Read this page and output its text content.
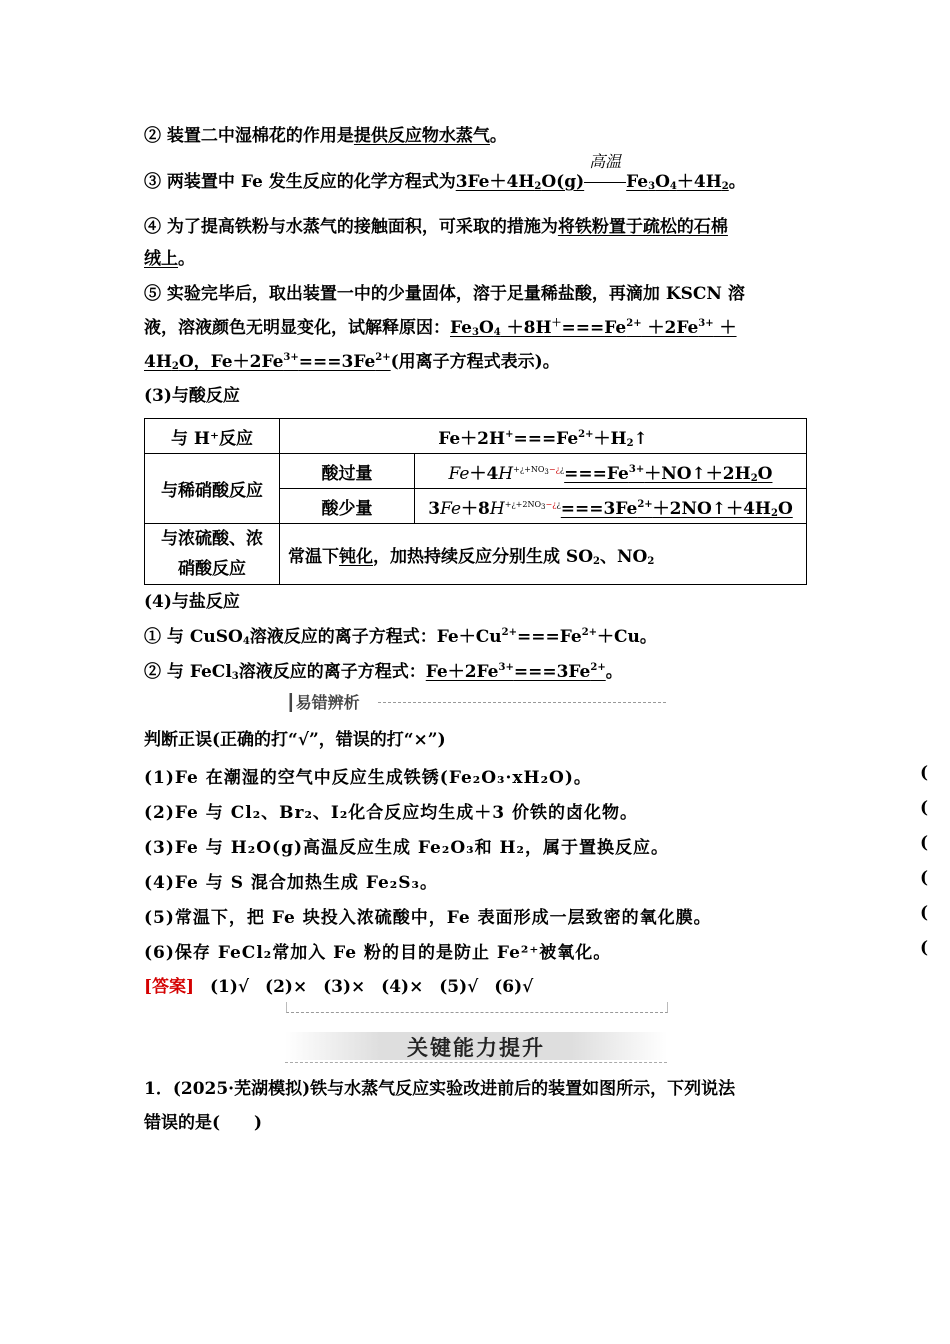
② 装置二中湿棉花的作用是提供反应物水蒸气。
③ 两装置中 Fe 发生反应的化学方程式为$3Fe+4H_2O(g)$
高温
$Fe_3O_4+4H_2$。
④ 为了提高铁粉与水蒸气的接触面积，可采取的措施为将铁粉置于疏松的石棉
绒上。
⑤ 实验完毕后，取出装置一中的少量固体，溶于足量稀盐酸，再滴加 KSCN 溶
液，溶液颜色无明显变化，试解释原因：$Fe_3O_4 +8H^+===Fe^{2+} +2Fe^{3+}$ ＋
$4H_2O$，$Fe+2Fe^{3+}===3Fe^{2+}$(用离子方程式表示)。
(3)与酸反应
与 H⁺反应	$Fe+2H^+===Fe^{2+}+H_2↑$	
与稀硝酸反应	酸过量	$Fe+4H^{+¿+NO_3-¿¿}===Fe^{3+}+NO↑+2H_2O$
	酸少量	$3Fe+8H^{+¿+2NO_3-¿¿}===3Fe^{2+}+2NO↑+4H_2O$
与浓硫酸、浓
硝酸反应	常温下钝化，加热持续反应分别生成 $SO_2$、$NO_2$
(4)与盐反应
① 与 CuSO$_4$溶液反应的离子方程式：$Fe+Cu^{2+}===Fe^{2+}+Cu$。
② 与 FeCl$_3$溶液反应的离子方程式：$Fe+2Fe^{3+}===3Fe^{2+}$。
┃易错辨析
判断正误(正确的打“√”，错误的打“×”)
(1)Fe 在潮湿的空气中反应生成铁锈(Fe₂O₃·xH₂O)。
(2)Fe 与 Cl₂、Br₂、I₂化合反应均生成＋3 价铁的卤化物。
(3)Fe 与 H₂O(g)高温反应生成 Fe₂O₃和 H₂，属于置换反应。
(4)Fe 与 S 混合加热生成 Fe₂S₃。
(5)常温下，把 Fe 块投入浓硫酸中，Fe 表面形成一层致密的氧化膜。
(6)保存 FeCl₂常加入 Fe 粉的目的是防止 Fe²⁺被氧化。
(
(
(
(
(
(
[答案] (1)√ (2)× (3)× (4)× (5)√ (6)√
关键能力提升
1．(2025·芜湖模拟)铁与水蒸气反应实验改进前后的装置如图所示，下列说法
错误的是(　　)
